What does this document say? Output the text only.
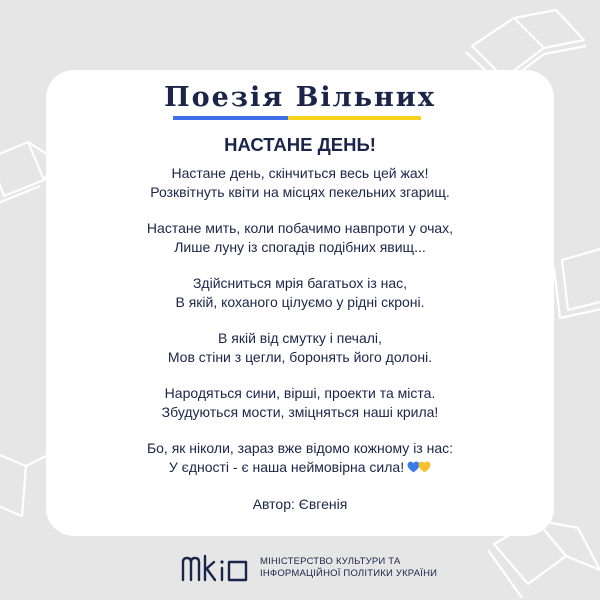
Поезія Вільних
НАСТАНЕ ДЕНЬ!
Настане день, скінчиться весь цей жах!
Розквітнуть квіти на місцях пекельних згарищ.
Настане мить, коли побачимо навпроти у очах,
Лише луну із спогадів подібних явищ...
Здійсниться мрія багатьох із нас,
В якій, коханого цілуємо у рідні скроні.
В якій від смутку і печалі,
Мов стіни з цегли, боронять його долоні.
Народяться сини, вірші, проекти та міста.
Збудуються мости, зміцняться наші крила!
Бо, як ніколи, зараз вже відомо кожному із нас:
У єдності - є наша неймовірна сила!
Автор: Євгенія
МІНІСТЕРСТВО КУЛЬТУРИ ТА
ІНФОРМАЦІЙНОЇ ПОЛІТИКИ УКРАЇНИ
